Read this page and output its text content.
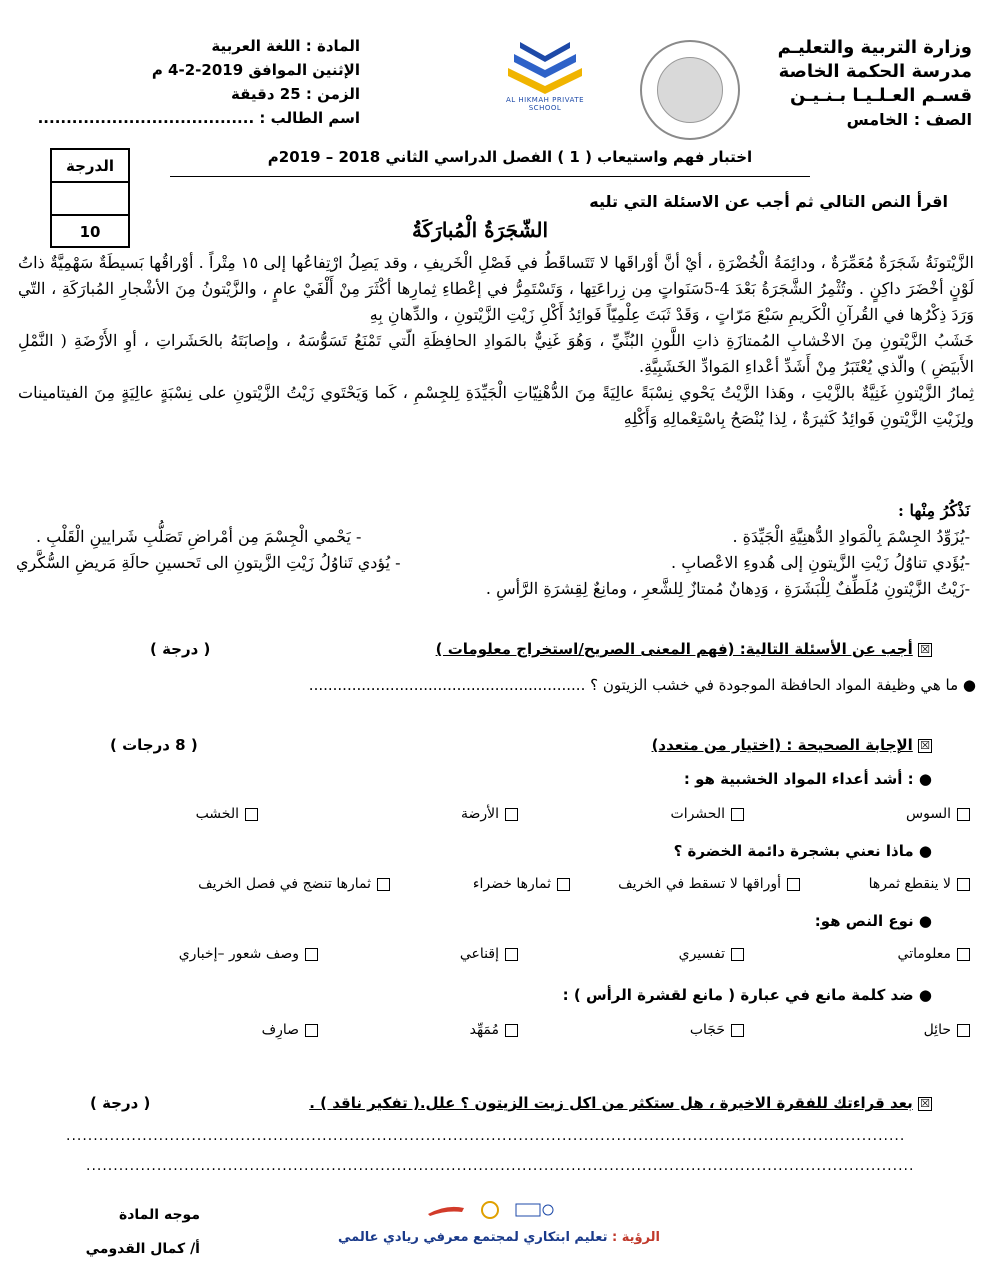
وزارة التربية والتعليـم
مدرسة الحكمة الخاصة
قسـم العـلـيـا بـنـيـن
الصف : الخامس
AL HIKMAH PRIVATE SCHOOL
المادة : اللغة العربية
الإثنين الموافق 2019-2-4 م
الزمن : 25 دقيقة
اسم الطالب : ......................................
اختبار فهم واستيعاب ( 1 ) الفصل الدراسي الثاني 2018 – 2019م
الدرجة
10
اقرأ النص التالي ثم أجب عن الاسئلة التي تليه
الشّجَرَةُ الْمُبارَكَةُ

الزَّيْتونَةُ شَجَرَةٌ مُعَمِّرَةٌ ، ودائِمَةُ الْخُضْرَةِ ، أيْ أنَّ أوْراقَها لا تَتَساقَطُ في فَصْلِ الْخَريفِ ، وقد يَصِلُ ارْتِفاعُها إلى ١٥ مِتْراً . أوْراقُها بَسيطَةٌ سَهْمِيَّةٌ ذاتُ لَوْنٍ أخْضَرَ داكِنٍ . وتُثْمِرُ الشَّجَرَةُ بَعْدَ 4-5سَنَواتٍ مِن زِراعَتِها ، وَتَسْتَمِرُّ في إعْطاءِ ثِمارِها أكْثَرَ مِنْ أَلْفَيْ عامٍ ، والزَّيْتونُ مِنَ الأشْجارِ المُبارَكَةِ ، التّي وَرَدَ ذِكْرُها في القُرآنِ الْكَريمِ سَبْعَ مَرّاتٍ ، وَقَدْ ثَبَتَ عِلْمِيّاً فَوائِدُ أَكْلِ زَيْتِ الزَّيْتونِ ، والدِّهانِ بِهِ

خَشَبُ الزَّيْتونِ مِنَ الاخْشابِ المُمتازَةِ ذاتِ اللَّونِ البُنِّيِّ ، وَهُوَ غَنِيٌّ بالمَوادِ الحافِظَةِ الّتي تَمْنَعُ تَسَوُّسَهُ ، وإصابَتَهُ بالحَشَراتِ ، أوِ الأَرْضَةِ ( النَّمْلِ الأَبيَضِ ) والّذي يُعْتَبَرُ مِنْ أَشَدِّ أعْداءِ المَوادِّ الخَشَبِيَّةِ.

ثِمارُ الزَّيْتونِ غَنِيَّةٌ بالزَّيْتِ ، وهَذا الزَّيْتُ يَحْوي نِسْبَةً عالِيَةً مِنَ الدُّهْنِيّاتِ الْجَيِّدَةِ لِلجِسْمِ ، كَما وَيَحْتَوي زَيْتُ الزَّيْتونِ على نِسْبَةٍ عالِيَةٍ مِنَ الفيتامينات ولِزَيْتِ الزَّيْتونِ فَوائِدُ كَثيرَةٌ ، لِذا يُنْصَحُ بِاسْتِعْمالِهِ وَأَكْلِهِ

نَذْكُرُ مِنْها :
-يُزَوِّدُ الجِسْمَ بِالْمَوادِ الدُّهنِيَّةِ الْجَيِّدَةِ .
- يَحْمي الْجِسْمَ مِن أمْراضِ تَصَلُّبِ شَرايينِ الْقَلْبِ .
-يُؤَدي تناوُلُ زَيْتِ الزَّيتونِ إلى هُدوءِ الاعْصابِ .
- يُؤدي تَناوُلُ زَيْتِ الزَّيتونِ الى تَحسينِ حالَةِ مَريضِ السُّكَّري
-زَيْتُ الزَّيْتونِ مُلَطِّفٌ لِلْبَشَرَةِ ، وَدِهانٌ مُمتازٌ لِلشَّعرِ ، ومانِعٌ لِقِشرَةِ الرَّأسِ .
☒ أجب عن الأسئلة التالية: (فهم المعنى الصريح/استخراج معلومات )
( درجة )
● ما هي وظيفة المواد الحافظة الموجودة في خشب الزيتون ؟ ..........................................................
☒ الإجابة الصحيحة : (اختيار من متعدد)
( 8 درجات )
● : أشد أعداء المواد الخشبية هو :
السوس
الحشرات
الأرضة
الخشب
● ماذا نعني بشجرة دائمة الخضرة ؟
لا ينقطع ثمرها
أوراقها لا تسقط في الخريف
ثمارها خضراء
ثمارها تنضج في فصل الخريف
● نوع النص هو:
معلوماتي
تفسيري
إقناعي
وصف شعور –إخباري
● ضد كلمة مانع في عبارة ( مانع لقشرة الرأس ) :
حائِل
حَجَاب
مُمَهِّد
صارِف
☒ بعد قراءتك للفقرة الاخيرة ، هل ستكثر من اكل زيت الزيتون ؟ علل.( تفكير ناقد ) .
( درجة )
..........................................................................................................................................................
........................................................................................................................................................
الرؤية : تعليم ابتكاري لمجتمع معرفي ريادي عالمي
موجه المادة
أ/ كمال القدومي
